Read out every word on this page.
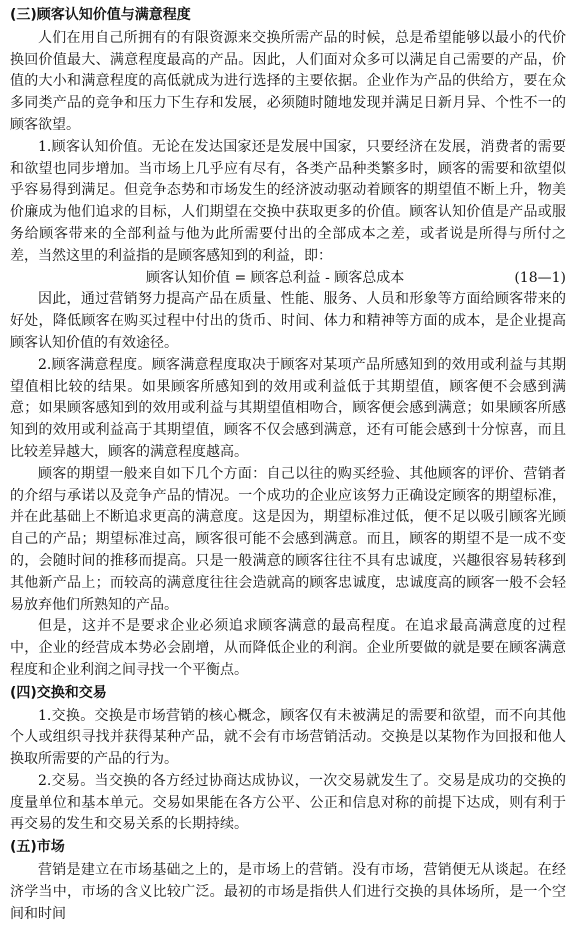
(三)顾客认知价值与满意程度

人们在用自己所拥有的有限资源来交换所需产品的时候，总是希望能够以最小的代价换回价值最大、满意程度最高的产品。因此，人们面对众多可以满足自己需要的产品，价值的大小和满意程度的高低就成为进行选择的主要依据。企业作为产品的供给方，要在众多同类产品的竞争和压力下生存和发展，必须随时随地发现并满足日新月异、个性不一的顾客欲望。

1.顾客认知价值。无论在发达国家还是发展中国家，只要经济在发展，消费者的需要和欲望也同步增加。当市场上几乎应有尽有，各类产品种类繁多时，顾客的需要和欲望似乎容易得到满足。但竞争态势和市场发生的经济波动驱动着顾客的期望值不断上升，物美价廉成为他们追求的目标，人们期望在交换中获取更多的价值。顾客认知价值是产品或服务给顾客带来的全部利益与他为此所需要付出的全部成本之差，或者说是所得与所付之差，当然这里的利益指的是顾客感知到的利益，即：

顾客认知价值 = 顾客总利益 - 顾客总成本	(18—1)

因此，通过营销努力提高产品在质量、性能、服务、人员和形象等方面给顾客带来的好处，降低顾客在购买过程中付出的货币、时间、体力和精神等方面的成本，是企业提高顾客认知价值的有效途径。

2.顾客满意程度。顾客满意程度取决于顾客对某项产品所感知到的效用或利益与其期望值相比较的结果。如果顾客所感知到的效用或利益低于其期望值，顾客便不会感到满意；如果顾客感知到的效用或利益与其期望值相吻合，顾客便会感到满意；如果顾客所感知到的效用或利益高于其期望值，顾客不仅会感到满意，还有可能会感到十分惊喜，而且比较差异越大，顾客的满意程度越高。

顾客的期望一般来自如下几个方面：自己以往的购买经验、其他顾客的评价、营销者的介绍与承诺以及竞争产品的情况。一个成功的企业应该努力正确设定顾客的期望标准，并在此基础上不断追求更高的满意度。这是因为，期望标准过低，便不足以吸引顾客光顾自己的产品；期望标准过高，顾客很可能不会感到满意。而且，顾客的期望不是一成不变的，会随时间的推移而提高。只是一般满意的顾客往往不具有忠诚度，兴趣很容易转移到其他新产品上；而较高的满意度往往会造就高的顾客忠诚度，忠诚度高的顾客一般不会轻易放弃他们所熟知的产品。

但是，这并不是要求企业必须追求顾客满意的最高程度。在追求最高满意度的过程中，企业的经营成本势必会剧增，从而降低企业的利润。企业所要做的就是要在顾客满意程度和企业利润之间寻找一个平衡点。

(四)交换和交易

1.交换。交换是市场营销的核心概念，顾客仅有未被满足的需要和欲望，而不向其他个人或组织寻找并获得某种产品，就不会有市场营销活动。交换是以某物作为回报和他人换取所需要的产品的行为。

2.交易。当交换的各方经过协商达成协议，一次交易就发生了。交易是成功的交换的度量单位和基本单元。交易如果能在各方公平、公正和信息对称的前提下达成，则有利于再交易的发生和交易关系的长期持续。

(五)市场

营销是建立在市场基础之上的，是市场上的营销。没有市场，营销便无从谈起。在经济学当中，市场的含义比较广泛。最初的市场是指供人们进行交换的具体场所，是一个空间和时间
